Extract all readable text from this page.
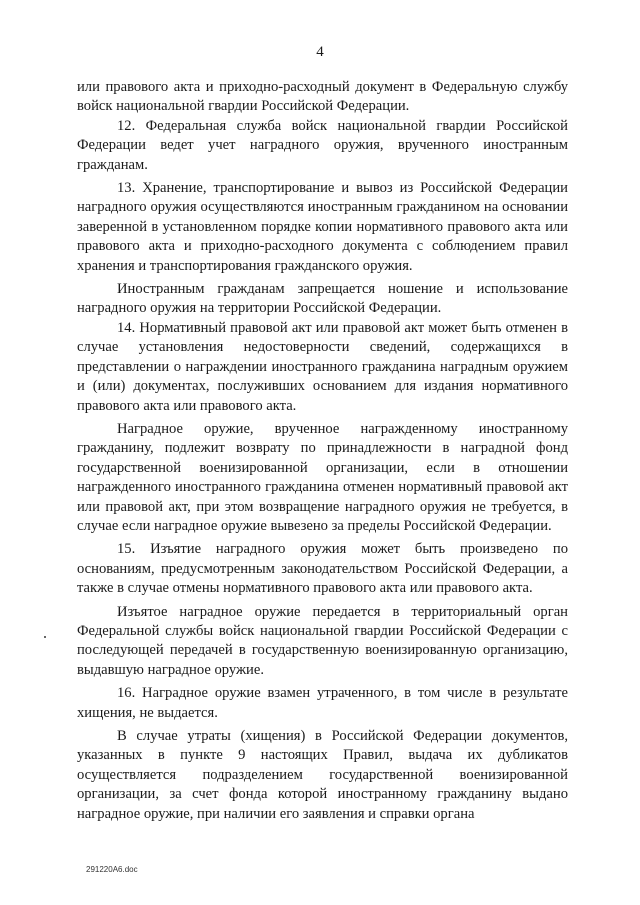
4

или правового акта и приходно-расходный документ в Федеральную службу войск национальной гвардии Российской Федерации.

12. Федеральная служба войск национальной гвардии Российской Федерации ведет учет наградного оружия, врученного иностранным гражданам.

13. Хранение, транспортирование и вывоз из Российской Федерации наградного оружия осуществляются иностранным гражданином на основании заверенной в установленном порядке копии нормативного правового акта или правового акта и приходно-расходного документа с соблюдением правил хранения и транспортирования гражданского оружия.

Иностранным гражданам запрещается ношение и использование наградного оружия на территории Российской Федерации.

14. Нормативный правовой акт или правовой акт может быть отменен в случае установления недостоверности сведений, содержащихся в представлении о награждении иностранного гражданина наградным оружием и (или) документах, послуживших основанием для издания нормативного правового акта или правового акта.

Наградное оружие, врученное награжденному иностранному гражданину, подлежит возврату по принадлежности в наградной фонд государственной военизированной организации, если в отношении награжденного иностранного гражданина отменен нормативный правовой акт или правовой акт, при этом возвращение наградного оружия не требуется, в случае если наградное оружие вывезено за пределы Российской Федерации.

15. Изъятие наградного оружия может быть произведено по основаниям, предусмотренным законодательством Российской Федерации, а также в случае отмены нормативного правового акта или правового акта.

Изъятое наградное оружие передается в территориальный орган Федеральной службы войск национальной гвардии Российской Федерации с последующей передачей в государственную военизированную организацию, выдавшую наградное оружие.

16. Наградное оружие взамен утраченного, в том числе в результате хищения, не выдается.

В случае утраты (хищения) в Российской Федерации документов, указанных в пункте 9 настоящих Правил, выдача их дубликатов осуществляется подразделением государственной военизированной организации, за счет фонда которой иностранному гражданину выдано наградное оружие, при наличии его заявления и справки органа

291220A6.doc
